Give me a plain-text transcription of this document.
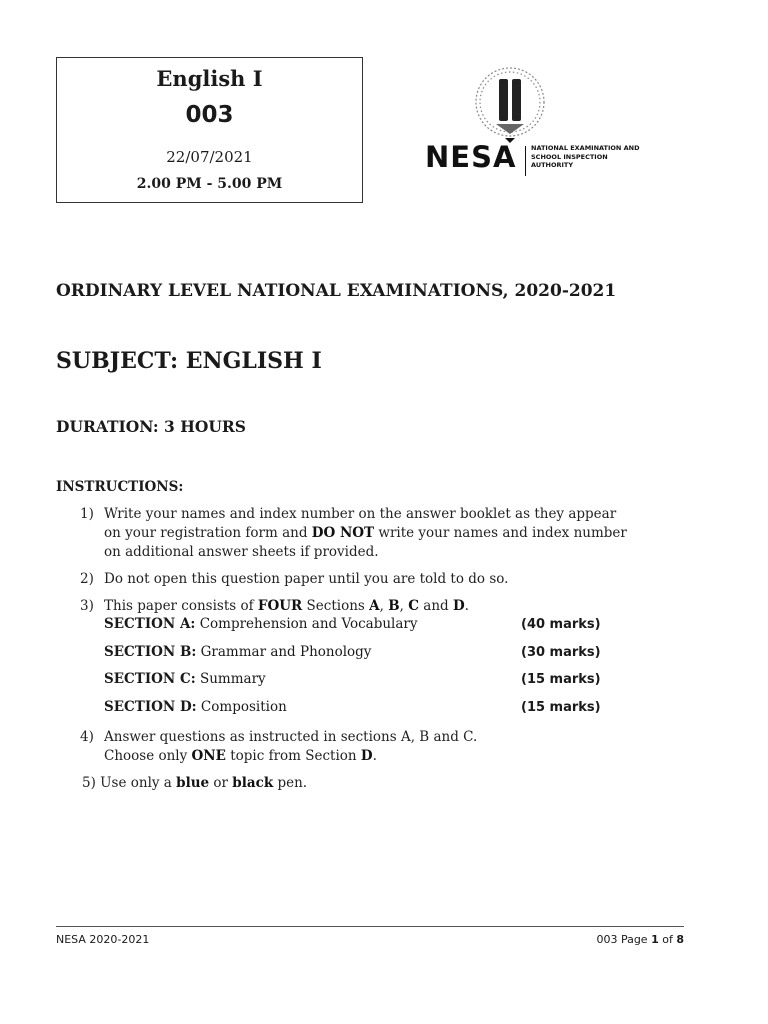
English I
003
22/07/2021
2.00 PM - 5.00 PM
NESA NATIONAL EXAMINATION AND
SCHOOL INSPECTION
AUTHORITY
ORDINARY LEVEL NATIONAL EXAMINATIONS, 2020-2021
SUBJECT: ENGLISH I
DURATION: 3 HOURS
INSTRUCTIONS:
1) Write your names and index number on the answer booklet as they appear
on your registration form and DO NOT write your names and index number
on additional answer sheets if provided.
2) Do not open this question paper until you are told to do so.
3) This paper consists of FOUR Sections A, B, C and D.
SECTION A: Comprehension and Vocabulary	(40 marks)
SECTION B: Grammar and Phonology	(30 marks)
SECTION C: Summary	(15 marks)
SECTION D: Composition	(15 marks)
4) Answer questions as instructed in sections A, B and C.
Choose only ONE topic from Section D.
5) Use only a blue or black pen.
NESA 2020-2021	003 Page 1 of 8
